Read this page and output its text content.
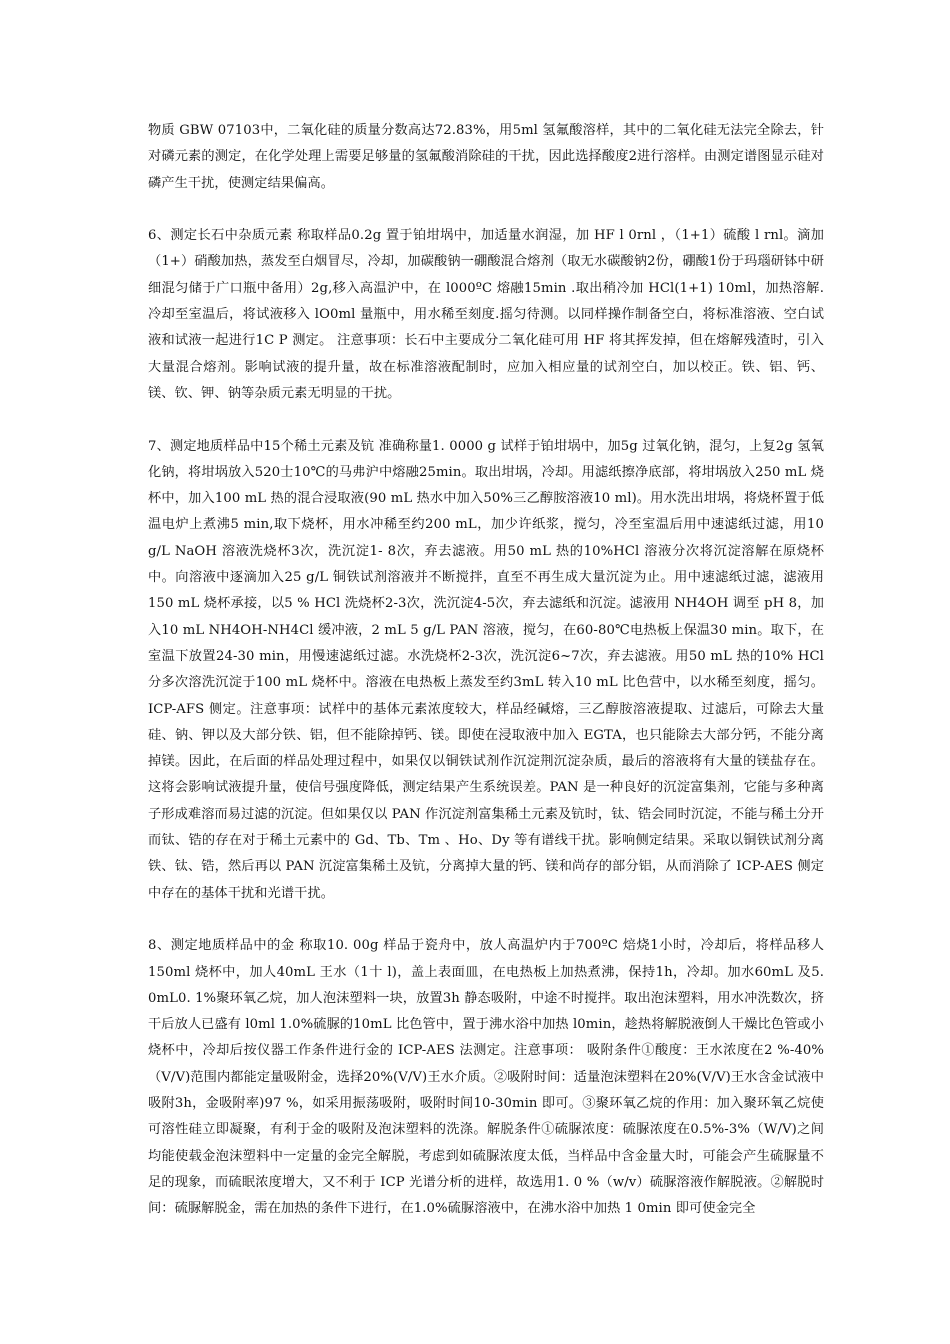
物质 GBW 07103中，二氧化硅的质量分数高达72.83%，用5ml 氢氟酸溶样，其中的二氧化硅无法完全除去，针对磷元素的测定，在化学处理上需要足够量的氢氟酸消除硅的干扰，因此选择酸度2进行溶样。由测定谱图显示硅对磷产生干扰，使测定结果偏高。

6、测定长石中杂质元素 称取样品0.2g 置于铂坩埚中，加适量水润湿，加 HF l 0rnl ，（1+1）硫酸 l rnl。滴加（1+）硝酸加热，蒸发至白烟冒尽，冷却，加碳酸钠一硼酸混合熔剂（取无水碳酸钠2份，硼酸1份于玛瑙研钵中研细混匀储于广口瓶中备用）2g,移入高温沪中，在 l000ºC 熔融15min .取出稍冷加 HCl(1+1) 10ml，加热溶解.冷却至室温后，将试液移入 lO0ml 量瓶中，用水稀至刻度.摇匀待测。以同样操作制备空白，将标准溶液、空白试液和试液一起进行1C P 测定。 注意事项：长石中主要成分二氧化硅可用 HF 将其挥发掉，但在熔解残渣时，引入大量混合熔剂。影响试液的提升量，故在标准溶液配制时，应加入相应量的试剂空白，加以校正。铁、铝、钙、镁、钦、钾、钠等杂质元素无明显的干扰。

7、测定地质样品中15个稀土元素及钪 准确称量1. 0000 g 试样于铂坩埚中，加5g 过氧化钠，混匀，上复2g 氢氧化钠，将坩埚放入520士10℃的马弗沪中熔融25min。取出坩埚，冷却。用滤纸擦净底部，将坩埚放入250 mL 烧杯中，加入100 mL 热的混合浸取液(90 mL 热水中加入50%三乙醇胺溶液10 ml)。用水洗出坩埚，将烧杯置于低温电炉上煮沸5 min,取下烧杯，用水冲稀至约200 mL，加少许纸浆，搅匀，冷至室温后用中速滤纸过滤，用10 g/L NaOH 溶液洗烧杯3次，洗沉淀1- 8次，弃去滤液。用50 mL 热的10%HCl 溶液分次将沉淀溶解在原烧杯中。向溶液中逐滴加入25 g/L 铜铁试剂溶液并不断搅拌，直至不再生成大量沉淀为止。用中速滤纸过滤，滤液用150 mL 烧杯承接，以5 % HCl 洗烧杯2-3次，洗沉淀4-5次，弃去滤纸和沉淀。滤液用 NH4OH 调至 pH 8，加入10 mL NH4OH-NH4Cl 缓冲液，2 mL 5 g/L PAN 溶液，搅匀，在60-80℃电热板上保温30 min。取下，在室温下放置24-30 min，用慢速滤纸过滤。水洗烧杯2-3次，洗沉淀6~7次，弃去滤液。用50 mL 热的10% HCl 分多次溶洗沉淀于100 mL 烧杯中。溶液在电热板上蒸发至约3mL 转入10 mL 比色营中，以水稀至刻度，摇匀。ICP-AFS 侧定。注意事项：试样中的基体元素浓度较大，样品经碱熔，三乙醇胺溶液提取、过滤后，可除去大量硅、钠、钾以及大部分铁、铝，但不能除掉钙、镁。即使在浸取液中加入 EGTA，也只能除去大部分钙，不能分离掉镁。因此，在后面的样品处理过程中，如果仅以铜铁试剂作沉淀荆沉淀杂质，最后的溶液将有大量的镁盐存在。这将会影响试液提升量，使信号强度降低，测定结果产生系统误差。PAN 是一种良好的沉淀富集剂，它能与多种离子形成难溶而易过滤的沉淀。但如果仅以 PAN 作沉淀剂富集稀土元素及钪时，钛、锆会同时沉淀，不能与稀土分开而钛、锆的存在对于稀土元素中的 Gd、Tb、Tm 、Ho、Dy 等有谱线干扰。影响侧定结果。采取以铜铁试剂分离铁、钛、锆，然后再以 PAN 沉淀富集稀土及钪，分离掉大量的钙、镁和尚存的部分铝，从而消除了 ICP-AES 侧定中存在的基体干扰和光谱干扰。

8、测定地质样品中的金 称取10. 00g 样品于瓷舟中，放人高温炉内于700ºC 焙烧1小时，冷却后，将样品移人150ml 烧杯中，加人40mL 王水（1十 l)，盖上表面皿，在电热板上加热煮沸，保持1h，冷却。加水60mL 及5. 0mL0. 1%聚环氧乙烷，加人泡沫塑料一块，放置3h 静态吸附，中途不时搅拌。取出泡沫塑料，用水冲洗数次，挤干后放人已盛有 l0ml 1.0%硫脲的10mL 比色管中，置于沸水浴中加热 l0min，趁热将解脱液倒人干燥比色管或小烧杯中，冷却后按仪器工作条件进行金的 ICP-AES 法测定。注意事项： 吸附条件①酸度：王水浓度在2 %-40%（V/V)范围内都能定量吸附金，选择20%(V/V)王水介质。②吸附时间：适量泡沫塑料在20%(V/V)王水含金试液中吸附3h，金吸附率)97 %，如采用振荡吸附，吸附时间10-30min 即可。③聚环氧乙烷的作用：加入聚环氧乙烷使可溶性硅立即凝聚，有利于金的吸附及泡沫塑料的洗涤。解脱条件①硫脲浓度：硫脲浓度在0.5%-3%（W/V)之间均能使载金泡沫塑料中一定量的金完全解脱，考虑到如硫脲浓度太低，当样品中含金量大时，可能会产生硫脲量不足的现象，而硫眠浓度增大，又不利于 ICP 光谱分析的进样，故选用1. 0 %（w/v）硫脲溶液作解脱液。②解脱时间：硫脲解脱金，需在加热的条件下进行，在1.0%硫脲溶液中，在沸水浴中加热 1 0min 即可使金完全
